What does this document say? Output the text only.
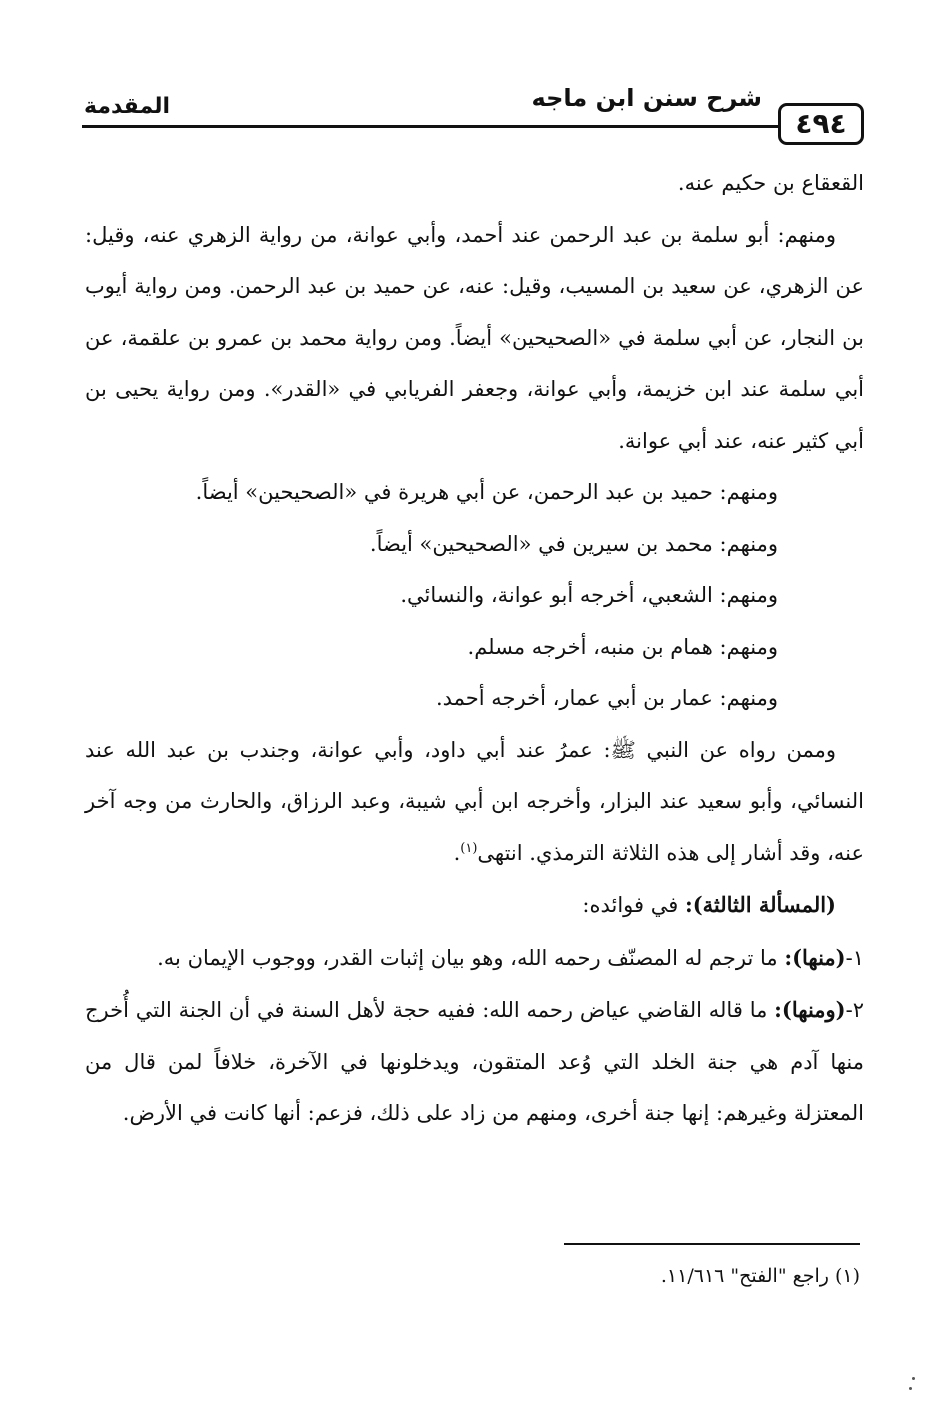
المقدمة	شرح سنن ابن ماجه
٤٩٤

القعقاع بن حكيم عنه.

ومنهم: أبو سلمة بن عبد الرحمن عند أحمد، وأبي عوانة، من رواية الزهري عنه، وقيل: عن الزهري، عن سعيد بن المسيب، وقيل: عنه، عن حميد بن عبد الرحمن. ومن رواية أيوب بن النجار، عن أبي سلمة في «الصحيحين» أيضاً. ومن رواية محمد بن عمرو بن علقمة، عن أبي سلمة عند ابن خزيمة، وأبي عوانة، وجعفر الفريابي في «القدر». ومن رواية يحيى بن أبي كثير عنه، عند أبي عوانة.

ومنهم: حميد بن عبد الرحمن، عن أبي هريرة في «الصحيحين» أيضاً.

ومنهم: محمد بن سيرين في «الصحيحين» أيضاً.

ومنهم: الشعبي، أخرجه أبو عوانة، والنسائي.

ومنهم: همام بن منبه، أخرجه مسلم.

ومنهم: عمار بن أبي عمار، أخرجه أحمد.

وممن رواه عن النبي ﷺ: عمرُ عند أبي داود، وأبي عوانة، وجندب بن عبد الله عند النسائي، وأبو سعيد عند البزار، وأخرجه ابن أبي شيبة، وعبد الرزاق، والحارث من وجه آخر عنه، وقد أشار إلى هذه الثلاثة الترمذي. انتهى$^{(١)}$.

(المسألة الثالثة): في فوائده:

١-(منها): ما ترجم له المصنّف رحمه الله، وهو بيان إثبات القدر، ووجوب الإيمان به.

٢-(ومنها): ما قاله القاضي عياض رحمه الله: ففيه حجة لأهل السنة في أن الجنة التي أُخرج منها آدم هي جنة الخلد التي وُعد المتقون، ويدخلونها في الآخرة، خلافاً لمن قال من المعتزلة وغيرهم: إنها جنة أخرى، ومنهم من زاد على ذلك، فزعم: أنها كانت في الأرض.

(١) راجع "الفتح" ١١/٦١٦.
